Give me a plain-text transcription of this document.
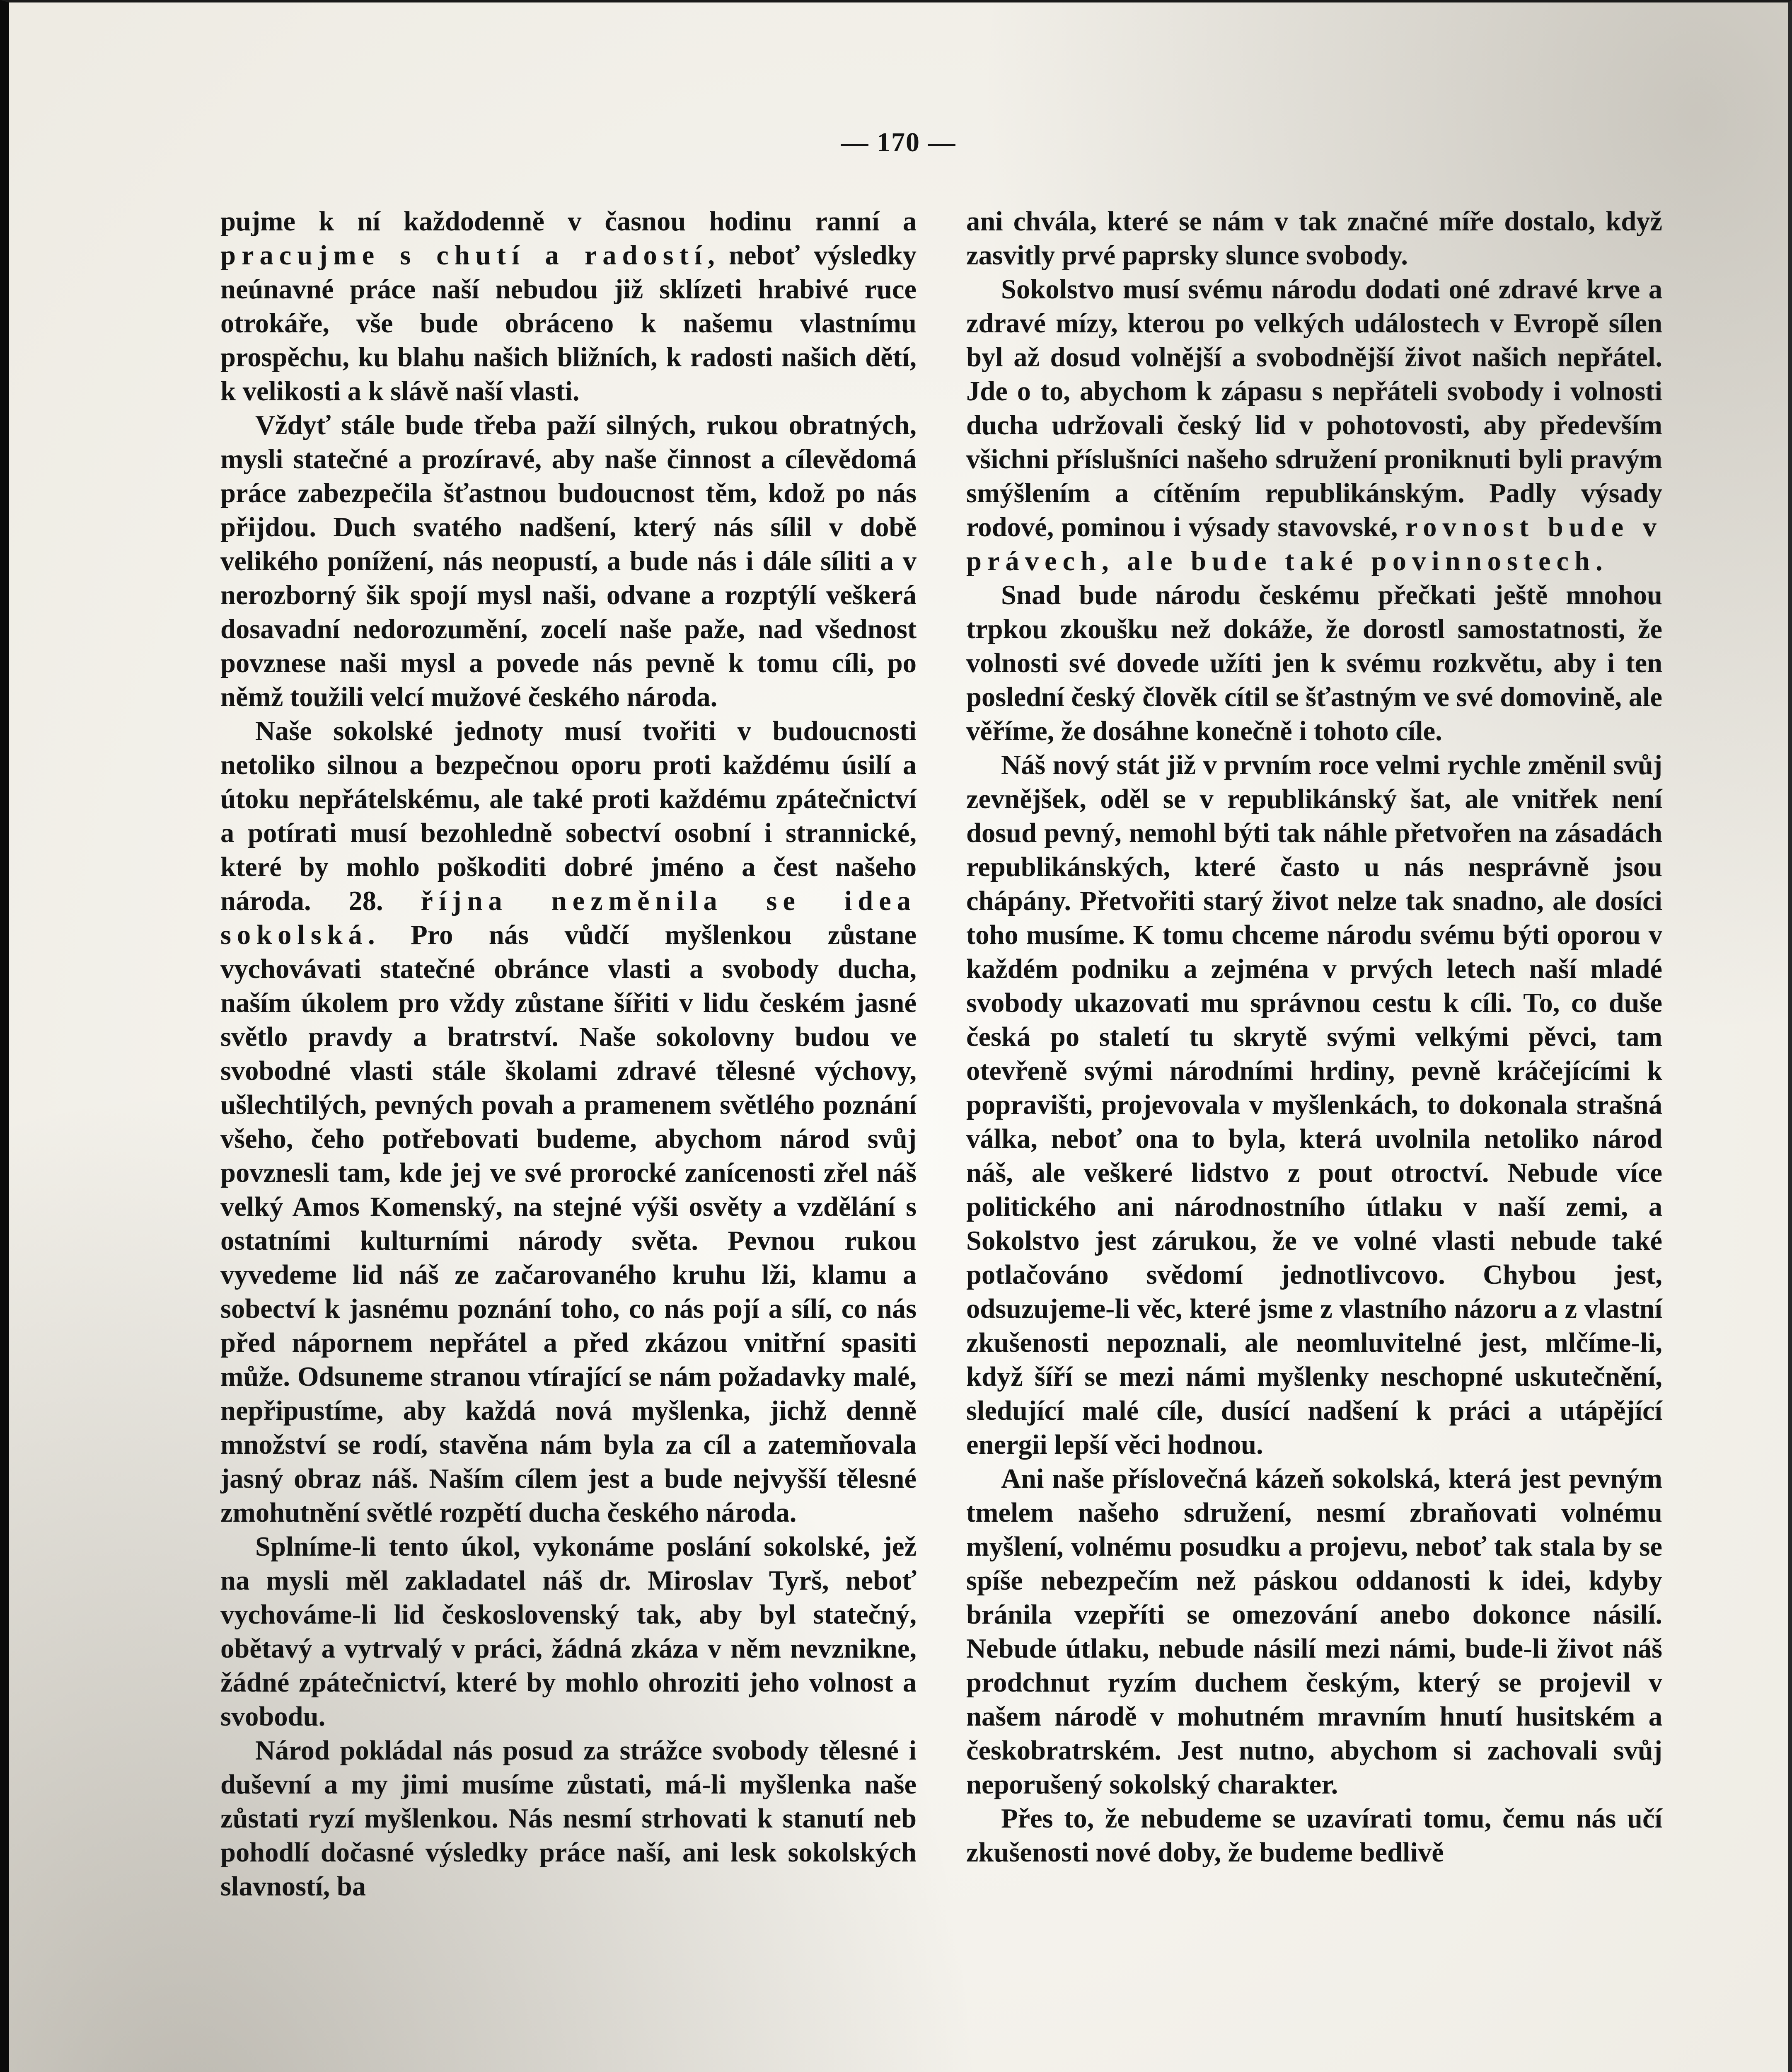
— 170 —

pujme k ní každodenně v časnou hodinu ranní a pracujme s chutí a radostí, neboť výsledky neúnavné práce naší nebudou již sklízeti hrabivé ruce otrokáře, vše bude obráceno k našemu vlastnímu prospěchu, ku blahu našich bližních, k radosti našich dětí, k velikosti a k slávě naší vlasti.

Vždyť stále bude třeba paží silných, rukou obratných, mysli statečné a prozíravé, aby naše činnost a cílevědomá práce zabezpečila šťastnou budoucnost těm, kdož po nás přijdou. Duch svatého nadšení, který nás sílil v době velikého ponížení, nás neopustí, a bude nás i dále síliti a v nerozborný šik spojí mysl naši, odvane a rozptýlí veškerá dosavadní nedorozumění, zocelí naše paže, nad všednost povznese naši mysl a povede nás pevně k tomu cíli, po němž toužili velcí mužové českého národa.

Naše sokolské jednoty musí tvořiti v budoucnosti netoliko silnou a bezpečnou oporu proti každému úsilí a útoku nepřátelskému, ale také proti každému zpátečnictví a potírati musí bezohledně sobectví osobní i strannické, které by mohlo poškoditi dobré jméno a čest našeho národa. 28. října nezměnila se idea sokolská. Pro nás vůdčí myšlenkou zůstane vychovávati statečné obránce vlasti a svobody ducha, naším úkolem pro vždy zůstane šířiti v lidu českém jasné světlo pravdy a bratrství. Naše sokolovny budou ve svobodné vlasti stále školami zdravé tělesné výchovy, ušlechtilých, pevných povah a pramenem světlého poznání všeho, čeho potřebovati budeme, abychom národ svůj povznesli tam, kde jej ve své prorocké zanícenosti zřel náš velký Amos Komenský, na stejné výši osvěty a vzdělání s ostatními kulturními národy světa. Pevnou rukou vyvedeme lid náš ze začarovaného kruhu lži, klamu a sobectví k jasnému poznání toho, co nás pojí a sílí, co nás před nápornem nepřátel a před zkázou vnitřní spasiti může. Odsuneme stranou vtírající se nám požadavky malé, nepřipustíme, aby každá nová myšlenka, jichž denně množství se rodí, stavěna nám byla za cíl a zatemňovala jasný obraz náš. Naším cílem jest a bude nejvyšší tělesné zmohutnění světlé rozpětí ducha českého národa.

Splníme-li tento úkol, vykonáme poslání sokolské, jež na mysli měl zakladatel náš dr. Miroslav Tyrš, neboť vychováme-li lid československý tak, aby byl statečný, obětavý a vytrvalý v práci, žádná zkáza v něm nevznikne, žádné zpátečnictví, které by mohlo ohroziti jeho volnost a svobodu.

Národ pokládal nás posud za strážce svobody tělesné i duševní a my jimi musíme zůstati, má-li myšlenka naše zůstati ryzí myšlenkou. Nás nesmí strhovati k stanutí neb pohodlí dočasné výsledky práce naší, ani lesk sokolských slavností, ba

ani chvála, které se nám v tak značné míře dostalo, když zasvitly prvé paprsky slunce svobody.

Sokolstvo musí svému národu dodati oné zdravé krve a zdravé mízy, kterou po velkých událostech v Evropě sílen byl až dosud volnější a svobodnější život našich nepřátel. Jde o to, abychom k zápasu s nepřáteli svobody i volnosti ducha udržovali český lid v pohotovosti, aby především všichni příslušníci našeho sdružení proniknuti byli pravým smýšlením a cítěním republikánským. Padly výsady rodové, pominou i výsady stavovské, rovnost bude v právech, ale bude také povinnostech.

Snad bude národu českému přečkati ještě mnohou trpkou zkoušku než dokáže, že dorostl samostatnosti, že volnosti své dovede užíti jen k svému rozkvětu, aby i ten poslední český člověk cítil se šťastným ve své domovině, ale věříme, že dosáhne konečně i tohoto cíle.

Náš nový stát již v prvním roce velmi rychle změnil svůj zevnějšek, oděl se v republikánský šat, ale vnitřek není dosud pevný, nemohl býti tak náhle přetvořen na zásadách republikánských, které často u nás nesprávně jsou chápány. Přetvořiti starý život nelze tak snadno, ale dosíci toho musíme. K tomu chceme národu svému býti oporou v každém podniku a zejména v prvých letech naší mladé svobody ukazovati mu správnou cestu k cíli. To, co duše česká po staletí tu skrytě svými velkými pěvci, tam otevřeně svými národními hrdiny, pevně kráčejícími k popravišti, projevovala v myšlenkách, to dokonala strašná válka, neboť ona to byla, která uvolnila netoliko národ náš, ale veškeré lidstvo z pout otroctví. Nebude více politického ani národnostního útlaku v naší zemi, a Sokolstvo jest zárukou, že ve volné vlasti nebude také potlačováno svědomí jednotlivcovo. Chybou jest, odsuzujeme-li věc, které jsme z vlastního názoru a z vlastní zkušenosti nepoznali, ale neomluvitelné jest, mlčíme-li, když šíří se mezi námi myšlenky neschopné uskutečnění, sledující malé cíle, dusící nadšení k práci a utápějící energii lepší věci hodnou.

Ani naše příslovečná kázeň sokolská, která jest pevným tmelem našeho sdružení, nesmí zbraňovati volnému myšlení, volnému posudku a projevu, neboť tak stala by se spíše nebezpečím než páskou oddanosti k idei, kdyby bránila vzepříti se omezování anebo dokonce násilí. Nebude útlaku, nebude násilí mezi námi, bude-li život náš prodchnut ryzím duchem českým, který se projevil v našem národě v mohutném mravním hnutí husitském a českobratrském. Jest nutno, abychom si zachovali svůj neporušený sokolský charakter.

Přes to, že nebudeme se uzavírati tomu, čemu nás učí zkušenosti nové doby, že budeme bedlivě
